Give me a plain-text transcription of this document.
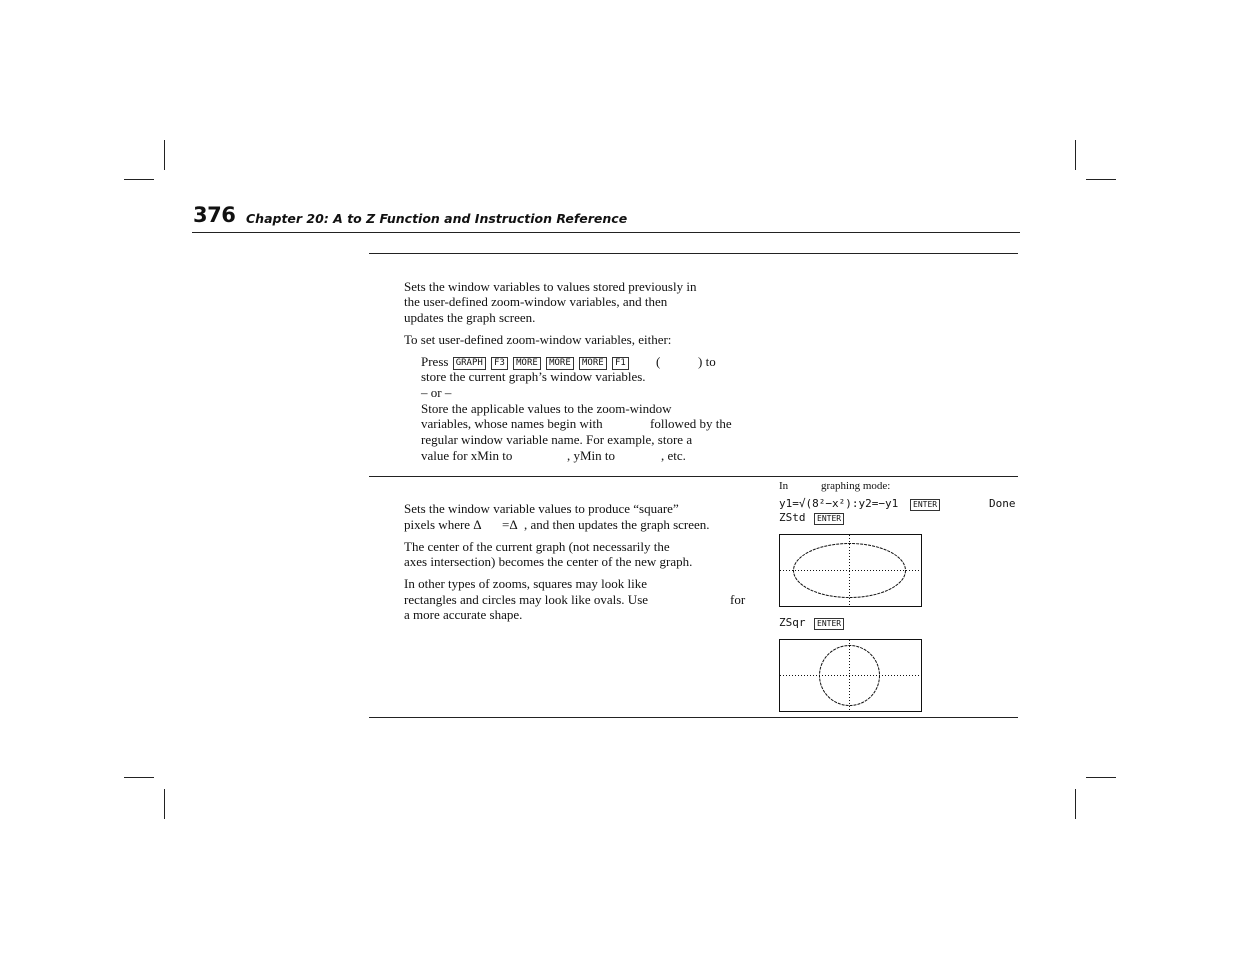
376 Chapter 20: A to Z Function and Instruction Reference
Sets the window variables to values stored previously in
the user-defined zoom-window variables, and then
updates the graph screen.
To set user-defined zoom-window variables, either:
Press GRAPH F3 MORE MORE MORE F1	(	) to
store the current graph’s window variables.
– or –
Store the applicable values to the zoom-window
variables, whose names begin with	followed by the
regular window variable name. For example, store a
value for xMin to	, yMin to	, etc.
In	graphing mode:
y1=√(8²−x²):y2=−y1	ENTER	Done
ZStd	ENTER
ZSqr	ENTER
Sets the window variable values to produce “square”
pixels where Δ =Δ , and then updates the graph screen.
The center of the current graph (not necessarily the
axes intersection) becomes the center of the new graph.
In other types of zooms, squares may look like
rectangles and circles may look like ovals. Use	for
a more accurate shape.
